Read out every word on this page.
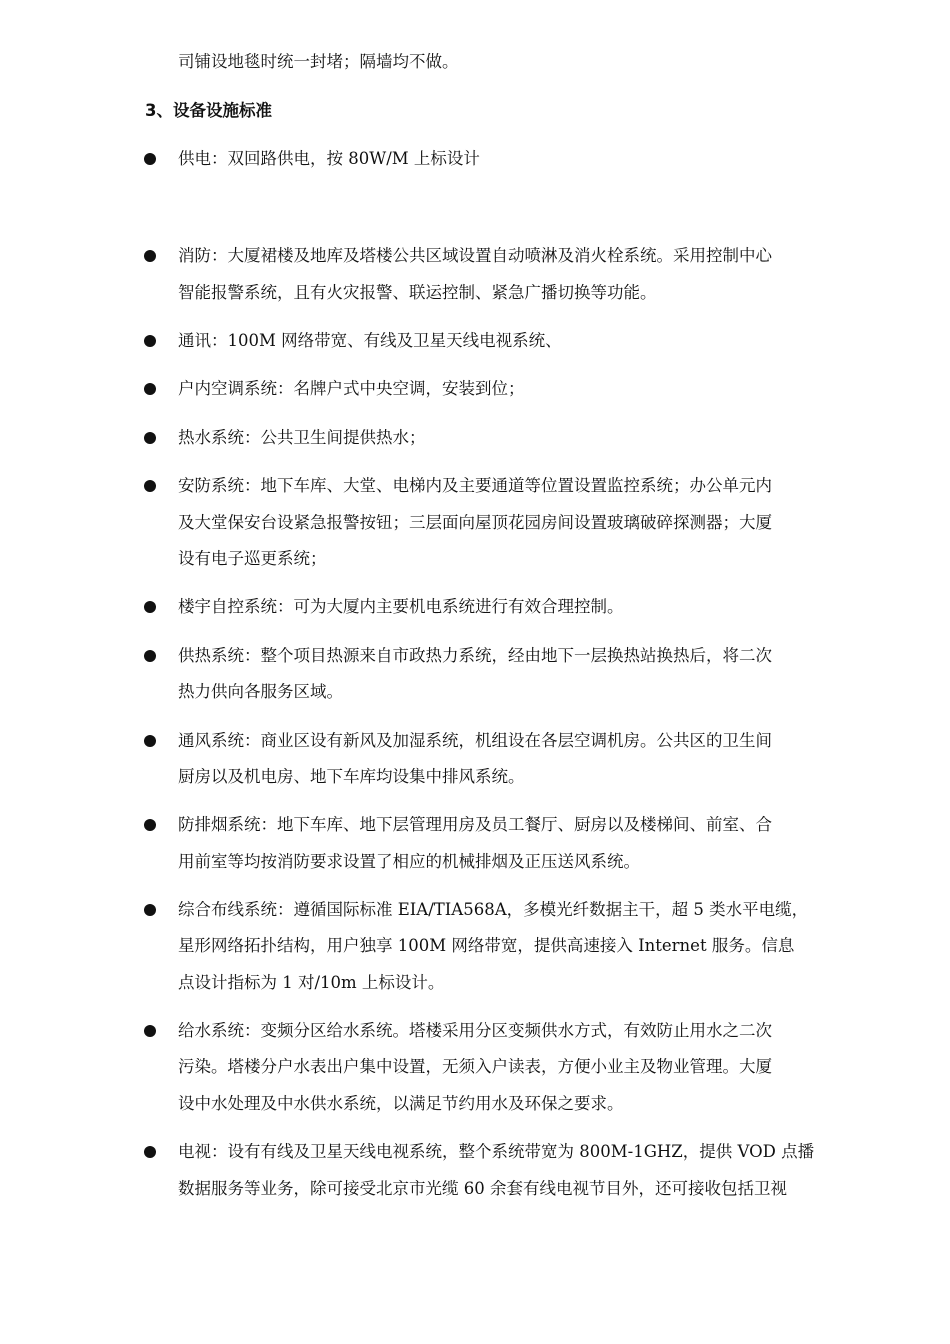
司铺设地毯时统一封堵；隔墙均不做。
3、设备设施标准
供电：双回路供电，按 80W/M 上标设计
消防：大厦裙楼及地库及塔楼公共区域设置自动喷淋及消火栓系统。采用控制中心
智能报警系统，且有火灾报警、联运控制、紧急广播切换等功能。
通讯：100M 网络带宽、有线及卫星天线电视系统、
户内空调系统：名牌户式中央空调，安装到位；
热水系统：公共卫生间提供热水；
安防系统：地下车库、大堂、电梯内及主要通道等位置设置监控系统；办公单元内
及大堂保安台设紧急报警按钮；三层面向屋顶花园房间设置玻璃破碎探测器；大厦
设有电子巡更系统；
楼宇自控系统：可为大厦内主要机电系统进行有效合理控制。
供热系统：整个项目热源来自市政热力系统，经由地下一层换热站换热后，将二次
热力供向各服务区域。
通风系统：商业区设有新风及加湿系统，机组设在各层空调机房。公共区的卫生间
厨房以及机电房、地下车库均设集中排风系统。
防排烟系统：地下车库、地下层管理用房及员工餐厅、厨房以及楼梯间、前室、合
用前室等均按消防要求设置了相应的机械排烟及正压送风系统。
综合布线系统：遵循国际标准 EIA/TIA568A，多模光纤数据主干，超 5 类水平电缆，
星形网络拓扑结构，用户独享 100M 网络带宽，提供高速接入 Internet 服务。信息
点设计指标为 1 对/10m 上标设计。
给水系统：变频分区给水系统。塔楼采用分区变频供水方式，有效防止用水之二次
污染。塔楼分户水表出户集中设置，无须入户读表，方便小业主及物业管理。大厦
设中水处理及中水供水系统，以满足节约用水及环保之要求。
电视：设有有线及卫星天线电视系统，整个系统带宽为 800M-1GHZ，提供 VOD 点播
数据服务等业务，除可接受北京市光缆 60 余套有线电视节目外，还可接收包括卫视
